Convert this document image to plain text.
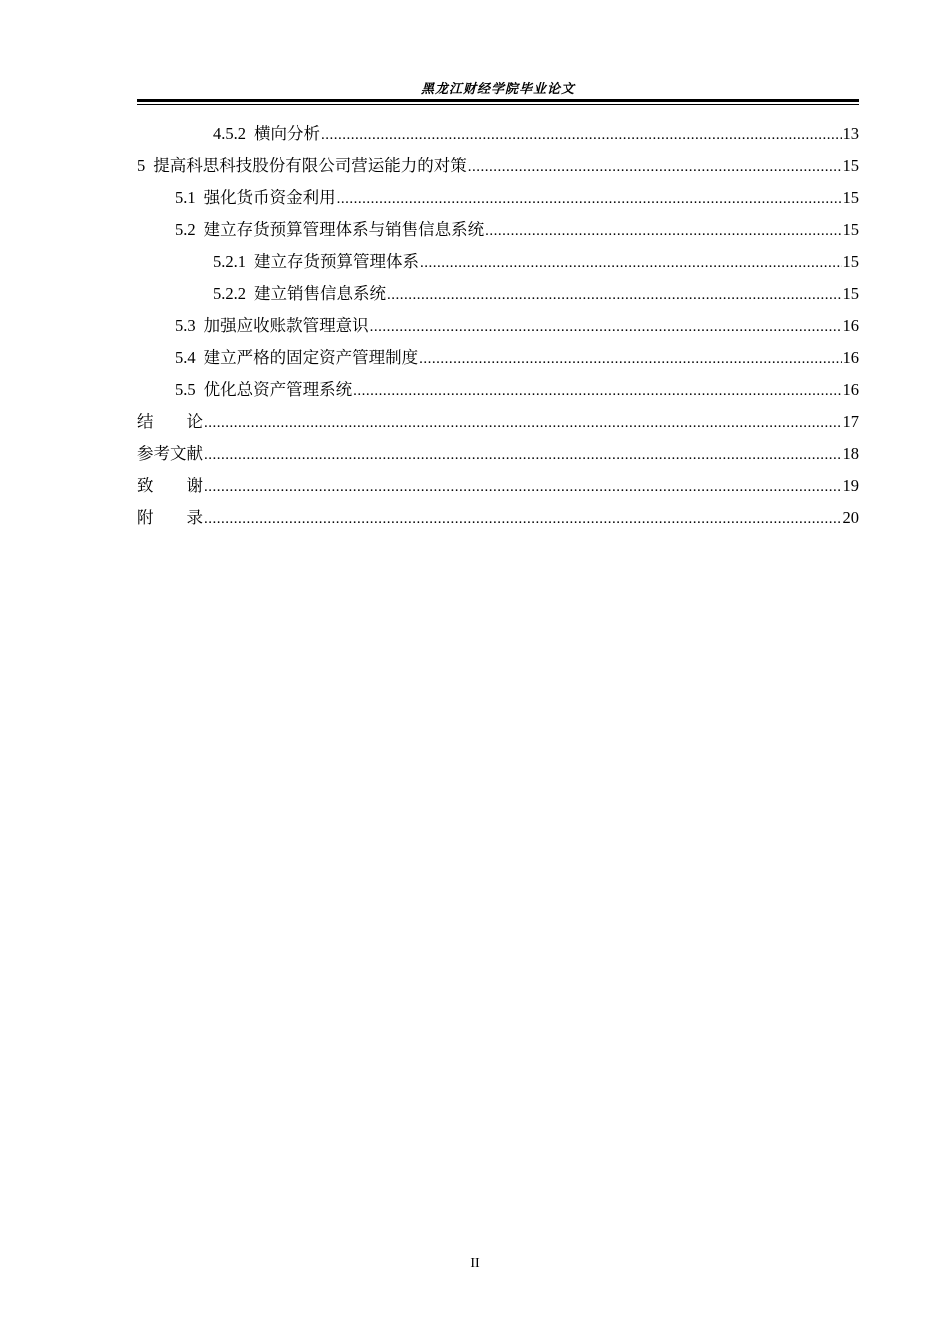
黑龙江财经学院毕业论文
4.5.2 横向分析 .....	13
5 提高科思科技股份有限公司营运能力的对策 .....	15
5.1 强化货币资金利用 .....	15
5.2 建立存货预算管理体系与销售信息系统 .....	15
5.2.1 建立存货预算管理体系 .....	15
5.2.2 建立销售信息系统 .....	15
5.3 加强应收账款管理意识 .....	16
5.4 建立严格的固定资产管理制度 .....	16
5.5 优化总资产管理系统 .....	16
结　　论 .....	17
参考文献 .....	18
致　　谢 .....	19
附　　录 .....	20
II
